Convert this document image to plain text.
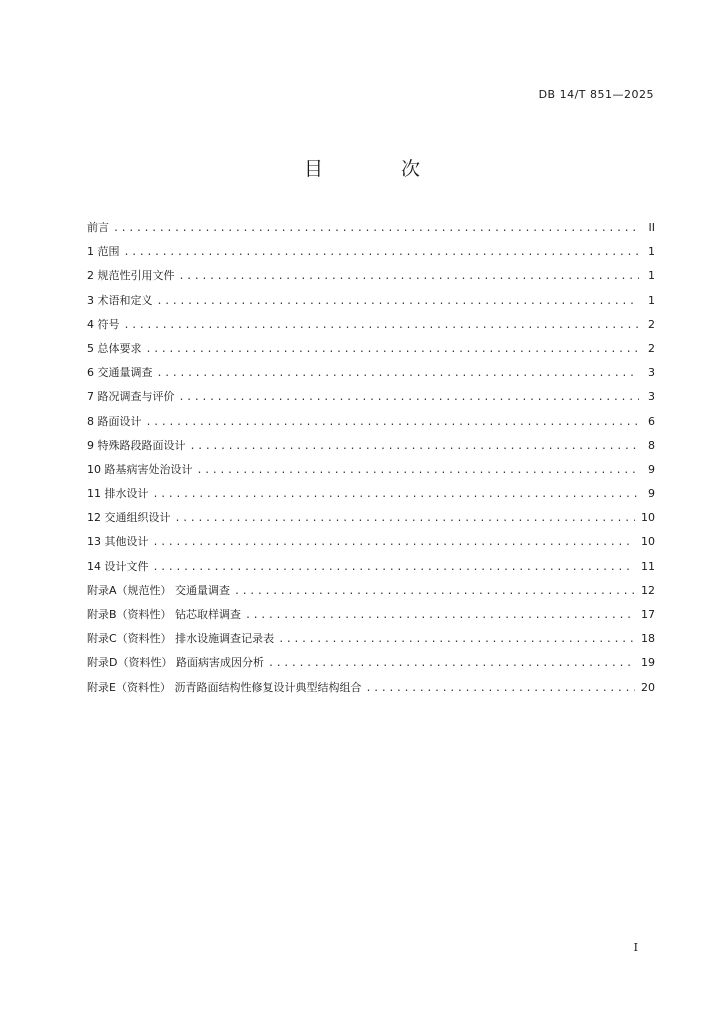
DB 14/T 851—2025
目 次
前言 .....	II
1 范围 .....	1
2 规范性引用文件 .....	1
3 术语和定义 .....	1
4 符号 .....	2
5 总体要求 .....	2
6 交通量调查 .....	3
7 路况调查与评价 .....	3
8 路面设计 .....	6
9 特殊路段路面设计 .....	8
10 路基病害处治设计 .....	9
11 排水设计 .....	9
12 交通组织设计 .....	10
13 其他设计 .....	10
14 设计文件 .....	11
附录A（规范性） 交通量调查 .....	12
附录B（资料性） 钻芯取样调查 .....	17
附录C（资料性） 排水设施调查记录表 .....	18
附录D（资料性） 路面病害成因分析 .....	19
附录E（资料性） 沥青路面结构性修复设计典型结构组合 .....	20
I
